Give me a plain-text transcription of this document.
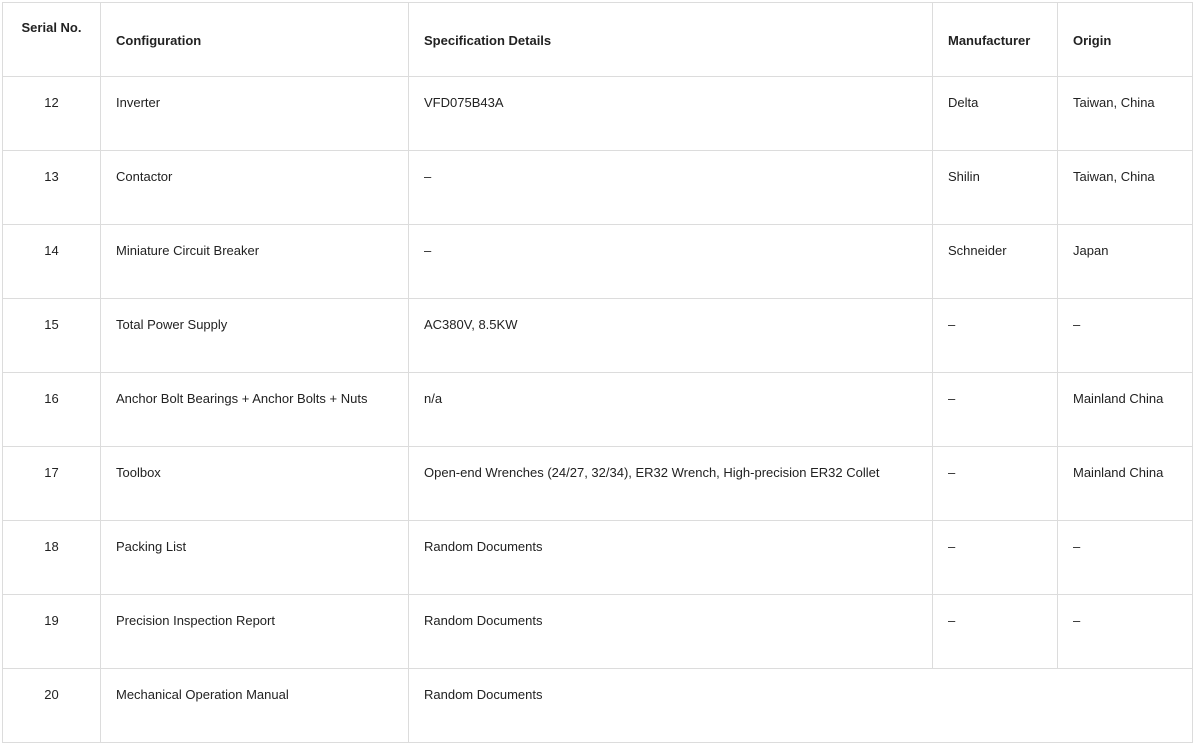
Serial No.	Configuration	Specification Details	Manufacturer	Origin
12	Inverter	VFD075B43A	Delta	Taiwan, China
13	Contactor	–	Shilin	Taiwan, China
14	Miniature Circuit Breaker	–	Schneider	Japan
15	Total Power Supply	AC380V, 8.5KW	–	–
16	Anchor Bolt Bearings + Anchor Bolts + Nuts	n/a	–	Mainland China
17	Toolbox	Open-end Wrenches (24/27, 32/34), ER32 Wrench, High-precision ER32 Collet	–	Mainland China
18	Packing List	Random Documents	–	–
19	Precision Inspection Report	Random Documents	–	–
20	Mechanical Operation Manual	Random Documents		
